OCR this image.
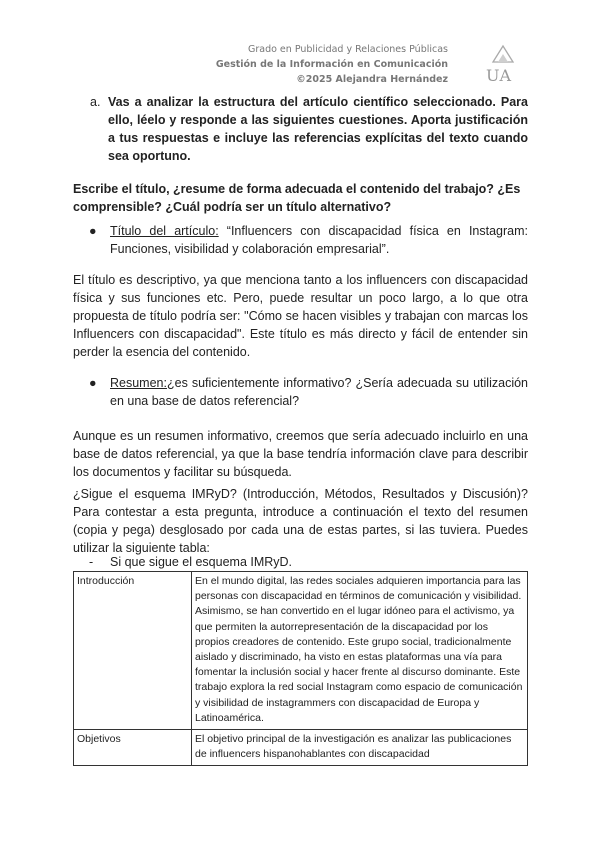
Grado en Publicidad y Relaciones Públicas
Gestión de la Información en Comunicación
©2025 Alejandra Hernández UA
a. Vas a analizar la estructura del artículo científico seleccionado. Para ello, léelo y responde a las siguientes cuestiones. Aporta justificación a tus respuestas e incluye las referencias explícitas del texto cuando sea oportuno.
Escribe el título, ¿resume de forma adecuada el contenido del trabajo? ¿Es comprensible? ¿Cuál podría ser un título alternativo?
● Título del artículo: “Influencers con discapacidad física en Instagram: Funciones, visibilidad y colaboración empresarial”.
El título es descriptivo, ya que menciona tanto a los influencers con discapacidad física y sus funciones etc. Pero, puede resultar un poco largo, a lo que otra propuesta de título podría ser: "Cómo se hacen visibles y trabajan con marcas los Influencers con discapacidad". Este título es más directo y fácil de entender sin perder la esencia del contenido.
● Resumen:¿es suficientemente informativo? ¿Sería adecuada su utilización en una base de datos referencial?
Aunque es un resumen informativo, creemos que sería adecuado incluirlo en una base de datos referencial, ya que la base tendría información clave para describir los documentos y facilitar su búsqueda.
¿Sigue el esquema IMRyD? (Introducción, Métodos, Resultados y Discusión)? Para contestar a esta pregunta, introduce a continuación el texto del resumen (copia y pega) desglosado por cada una de estas partes, si las tuviera. Puedes utilizar la siguiente tabla:
- Si que sigue el esquema IMRyD.
Introducción	En el mundo digital, las redes sociales adquieren importancia para las personas con discapacidad en términos de comunicación y visibilidad. Asimismo, se han convertido en el lugar idóneo para el activismo, ya que permiten la autorrepresentación de la discapacidad por los propios creadores de contenido. Este grupo social, tradicionalmente aislado y discriminado, ha visto en estas plataformas una vía para fomentar la inclusión social y hacer frente al discurso dominante. Este trabajo explora la red social Instagram como espacio de comunicación y visibilidad de instagrammers con discapacidad de Europa y Latinoamérica.
Objetivos	El objetivo principal de la investigación es analizar las publicaciones de influencers hispanohablantes con discapacidad
